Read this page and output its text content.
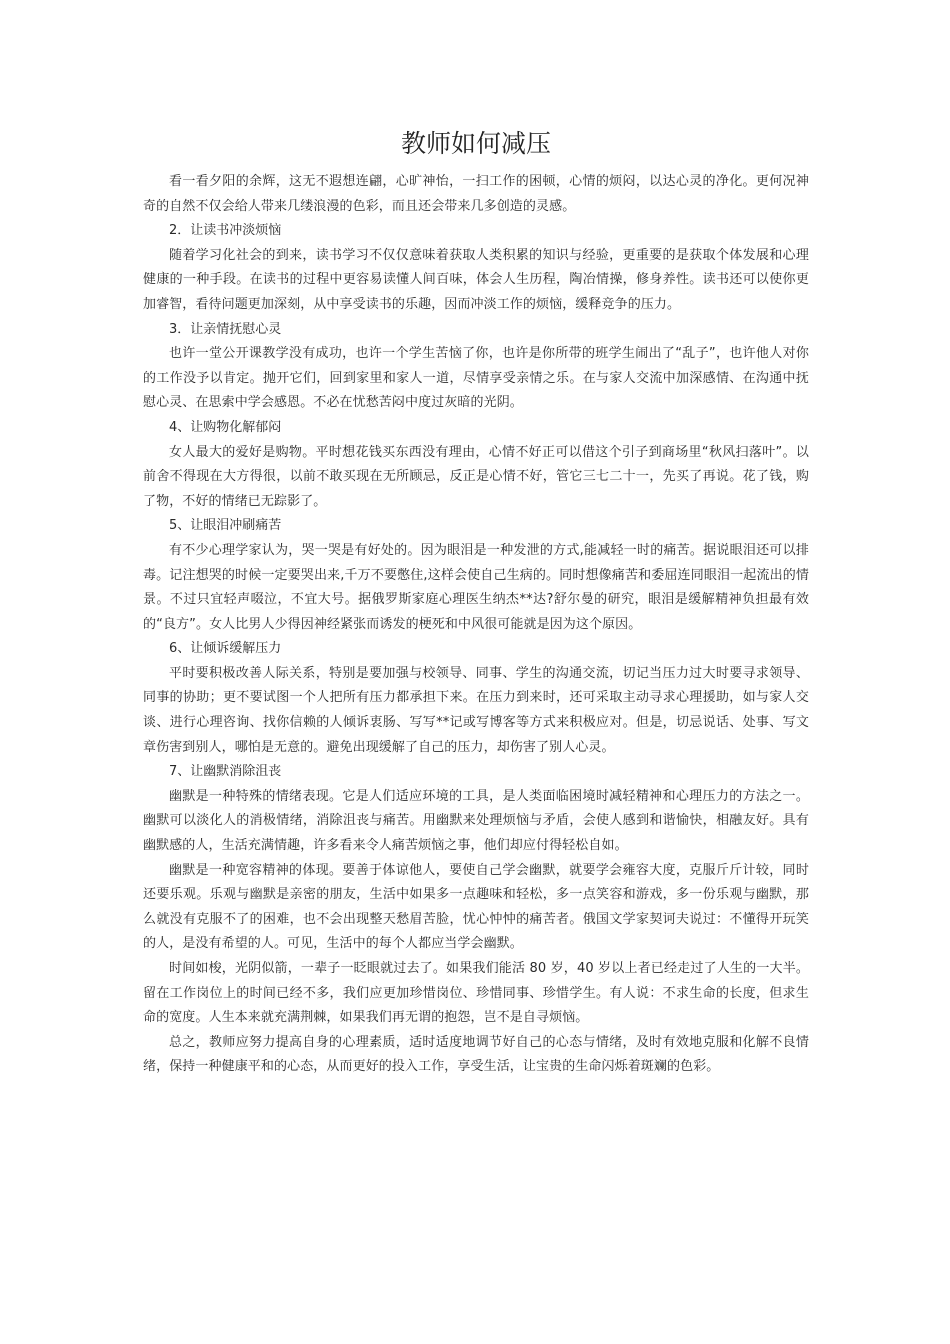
教师如何减压

看一看夕阳的余辉，这无不遐想连翩，心旷神怡，一扫工作的困顿，心情的烦闷，以达心灵的净化。更何况神奇的自然不仅会给人带来几缕浪漫的色彩，而且还会带来几多创造的灵感。

2．让读书冲淡烦恼

随着学习化社会的到来，读书学习不仅仅意味着获取人类积累的知识与经验，更重要的是获取个体发展和心理健康的一种手段。在读书的过程中更容易读懂人间百味，体会人生历程，陶冶情操，修身养性。读书还可以使你更加睿智，看待问题更加深刻，从中享受读书的乐趣，因而冲淡工作的烦恼，缓释竞争的压力。

3．让亲情抚慰心灵

也许一堂公开课教学没有成功，也许一个学生苦恼了你，也许是你所带的班学生闹出了“乱子”，也许他人对你的工作没予以肯定。抛开它们，回到家里和家人一道，尽情享受亲情之乐。在与家人交流中加深感情、在沟通中抚慰心灵、在思索中学会感恩。不必在忧愁苦闷中度过灰暗的光阴。

4、让购物化解郁闷

女人最大的爱好是购物。平时想花钱买东西没有理由，心情不好正可以借这个引子到商场里“秋风扫落叶”。以前舍不得现在大方得很，以前不敢买现在无所顾忌，反正是心情不好，管它三七二十一，先买了再说。花了钱，购了物，不好的情绪已无踪影了。

5、让眼泪冲刷痛苦

有不少心理学家认为，哭一哭是有好处的。因为眼泪是一种发泄的方式,能减轻一时的痛苦。据说眼泪还可以排毒。记注想哭的时候一定要哭出来,千万不要憋住,这样会使自己生病的。同时想像痛苦和委屈连同眼泪一起流出的情景。不过只宜轻声啜泣，不宜大号。据俄罗斯家庭心理医生纳杰**达?舒尔曼的研究，眼泪是缓解精神负担最有效的“良方”。女人比男人少得因神经紧张而诱发的梗死和中风很可能就是因为这个原因。

6、让倾诉缓解压力

平时要积极改善人际关系，特别是要加强与校领导、同事、学生的沟通交流，切记当压力过大时要寻求领导、同事的协助；更不要试图一个人把所有压力都承担下来。在压力到来时，还可采取主动寻求心理援助，如与家人交谈、进行心理咨询、找你信赖的人倾诉衷肠、写写**记或写博客等方式来积极应对。但是，切忌说话、处事、写文章伤害到别人，哪怕是无意的。避免出现缓解了自己的压力，却伤害了别人心灵。

7、让幽默消除沮丧

幽默是一种特殊的情绪表现。它是人们适应环境的工具，是人类面临困境时减轻精神和心理压力的方法之一。幽默可以淡化人的消极情绪，消除沮丧与痛苦。用幽默来处理烦恼与矛盾，会使人感到和谐愉快，相融友好。具有幽默感的人，生活充满情趣，许多看来令人痛苦烦恼之事，他们却应付得轻松自如。

幽默是一种宽容精神的体现。要善于体谅他人，要使自己学会幽默，就要学会雍容大度，克服斤斤计较，同时还要乐观。乐观与幽默是亲密的朋友，生活中如果多一点趣味和轻松，多一点笑容和游戏，多一份乐观与幽默，那么就没有克服不了的困难，也不会出现整天愁眉苦脸，忧心忡忡的痛苦者。俄国文学家契诃夫说过：不懂得开玩笑的人，是没有希望的人。可见，生活中的每个人都应当学会幽默。

时间如梭，光阴似箭，一辈子一眨眼就过去了。如果我们能活 80 岁，40 岁以上者已经走过了人生的一大半。留在工作岗位上的时间已经不多，我们应更加珍惜岗位、珍惜同事、珍惜学生。有人说：不求生命的长度，但求生命的宽度。人生本来就充满荆棘，如果我们再无谓的抱怨，岂不是自寻烦恼。

总之，教师应努力提高自身的心理素质，适时适度地调节好自己的心态与情绪，及时有效地克服和化解不良情绪，保持一种健康平和的心态，从而更好的投入工作，享受生活，让宝贵的生命闪烁着斑斓的色彩。
